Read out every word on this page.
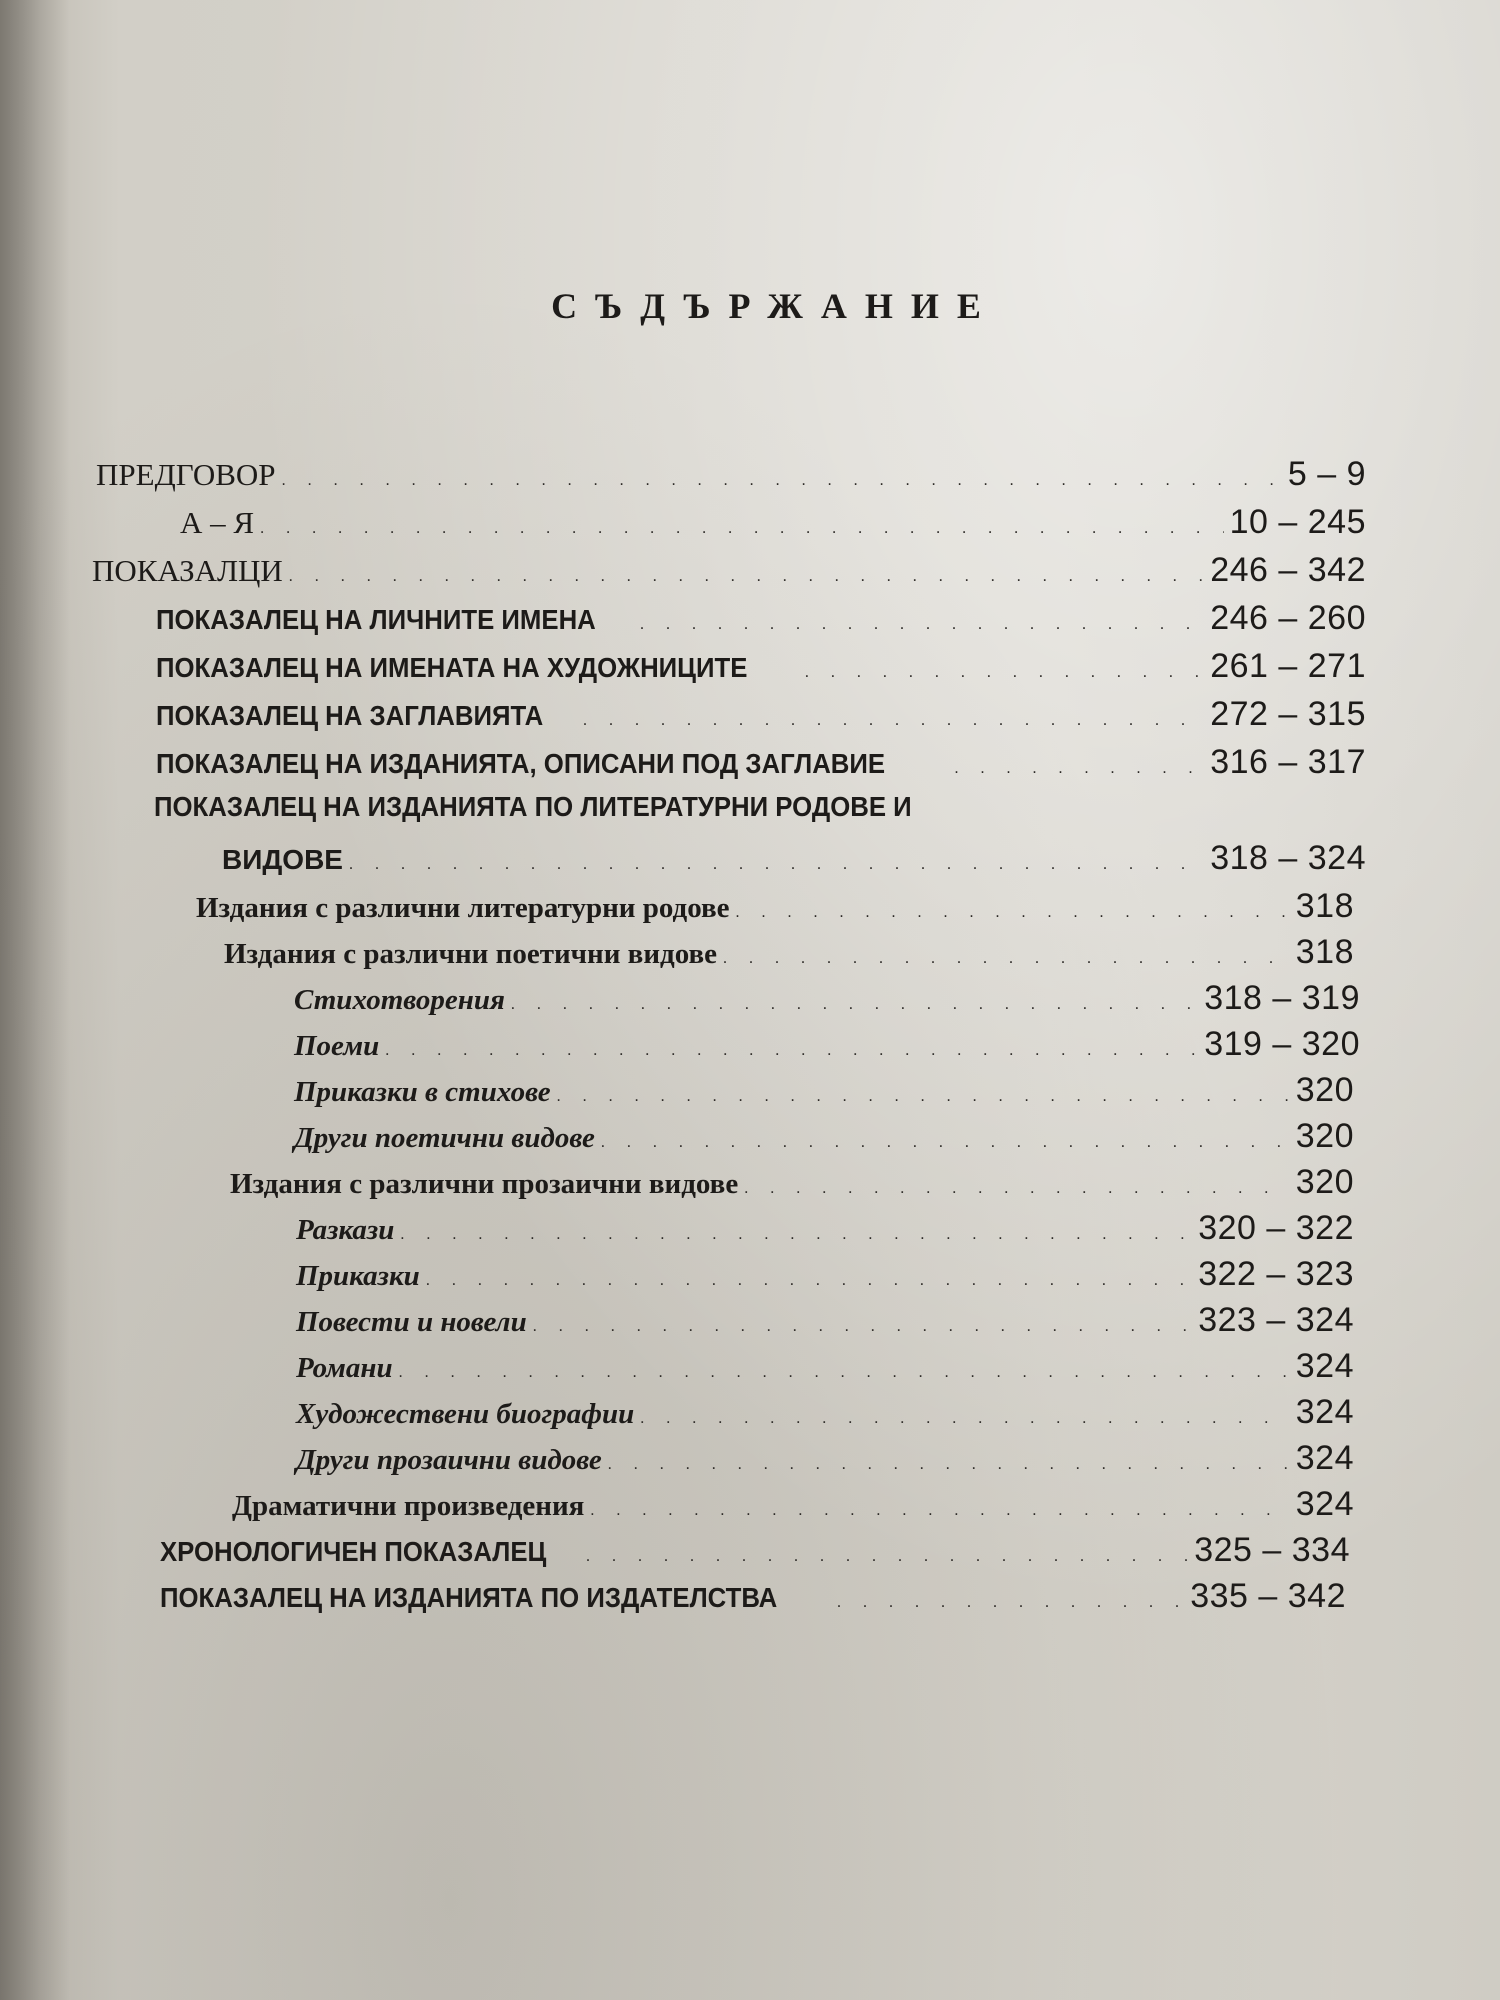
СЪДЪРЖАНИЕ
ПРЕДГОВОР . . .	5 – 9
А – Я . . .	10 – 245
ПОКАЗАЛЦИ . . .	246 – 342
ПОКАЗАЛЕЦ НА ЛИЧНИТЕ ИМЕНА . . .	246 – 260
ПОКАЗАЛЕЦ НА ИМЕНАТА НА ХУДОЖНИЦИТЕ . . .	261 – 271
ПОКАЗАЛЕЦ НА ЗАГЛАВИЯТА . . .	272 – 315
ПОКАЗАЛЕЦ НА ИЗДАНИЯТА, ОПИСАНИ ПОД ЗАГЛАВИЕ . . .	316 – 317
ПОКАЗАЛЕЦ НА ИЗДАНИЯТА ПО ЛИТЕРАТУРНИ РОДОВЕ И
ВИДОВЕ . . .	318 – 324
Издания с различни литературни родове . . .	318
Издания с различни поетични видове . . .	318
Стихотворения . . .	318 – 319
Поеми . . .	319 – 320
Приказки в стихове . . .	320
Други поетични видове . . .	320
Издания с различни прозаични видове . . .	320
Разкази . . .	320 – 322
Приказки . . .	322 – 323
Повести и новели . . .	323 – 324
Романи . . .	324
Художествени биографии . . .	324
Други прозаични видове . . .	324
Драматични произведения . . .	324
ХРОНОЛОГИЧЕН ПОКАЗАЛЕЦ . . .	325 – 334
ПОКАЗАЛЕЦ НА ИЗДАНИЯТА ПО ИЗДАТЕЛСТВА . . .	335 – 342
